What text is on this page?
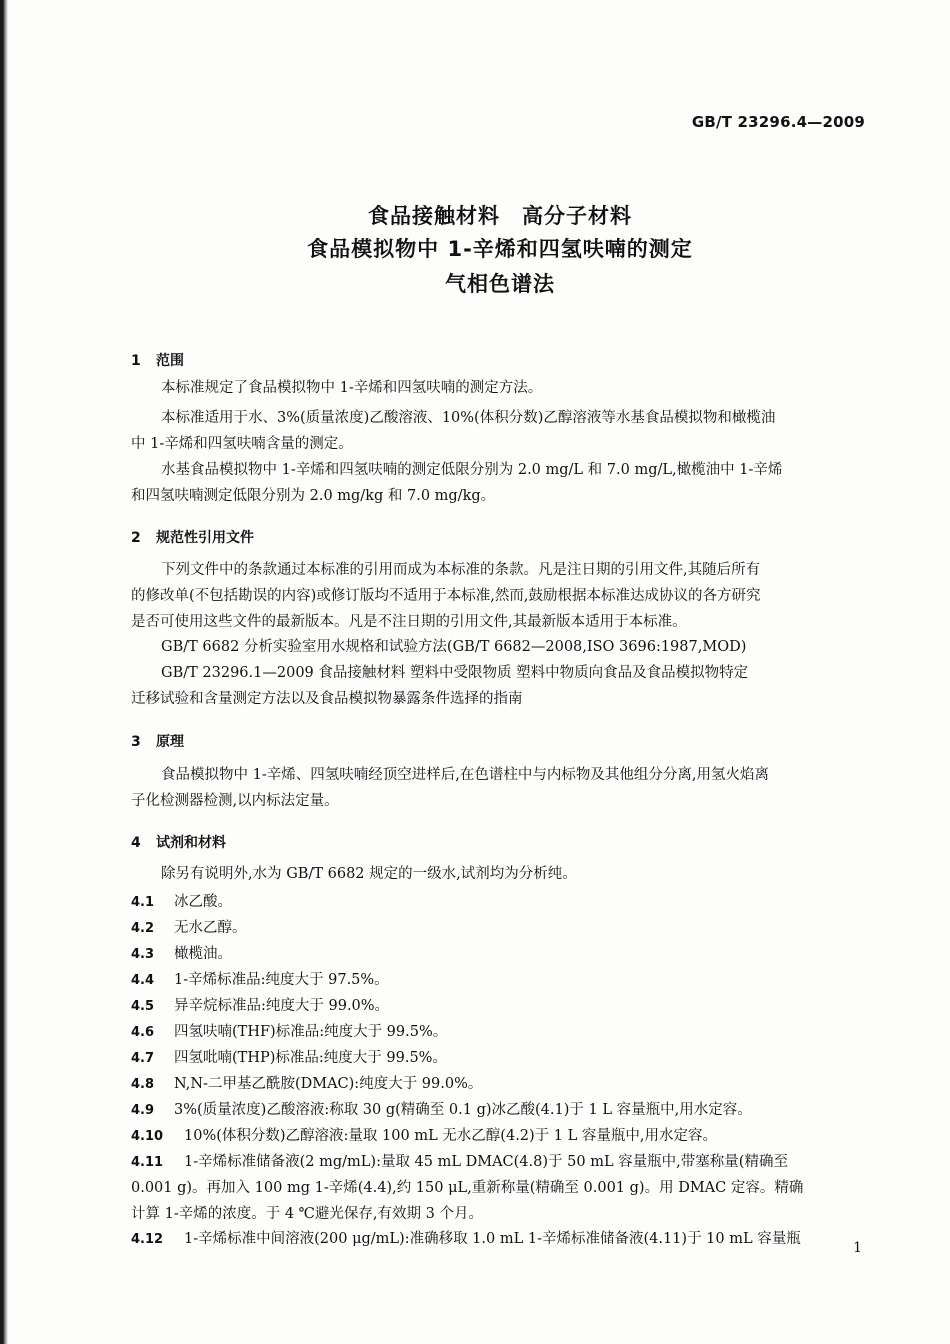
GB/T 23296.4—2009
食品接触材料 高分子材料
食品模拟物中 1-辛烯和四氢呋喃的测定
气相色谱法
1 范围
本标准规定了食品模拟物中 1-辛烯和四氢呋喃的测定方法。
本标准适用于水、3%(质量浓度)乙酸溶液、10%(体积分数)乙醇溶液等水基食品模拟物和橄榄油
中 1-辛烯和四氢呋喃含量的测定。
水基食品模拟物中 1-辛烯和四氢呋喃的测定低限分别为 2.0 mg/L 和 7.0 mg/L,橄榄油中 1-辛烯
和四氢呋喃测定低限分别为 2.0 mg/kg 和 7.0 mg/kg。
2 规范性引用文件
下列文件中的条款通过本标准的引用而成为本标准的条款。凡是注日期的引用文件,其随后所有
的修改单(不包括勘误的内容)或修订版均不适用于本标准,然而,鼓励根据本标准达成协议的各方研究
是否可使用这些文件的最新版本。凡是不注日期的引用文件,其最新版本适用于本标准。
GB/T 6682 分析实验室用水规格和试验方法(GB/T 6682—2008,ISO 3696:1987,MOD)
GB/T 23296.1—2009 食品接触材料 塑料中受限物质 塑料中物质向食品及食品模拟物特定
迁移试验和含量测定方法以及食品模拟物暴露条件选择的指南
3 原理
食品模拟物中 1-辛烯、四氢呋喃经顶空进样后,在色谱柱中与内标物及其他组分分离,用氢火焰离
子化检测器检测,以内标法定量。
4 试剂和材料
除另有说明外,水为 GB/T 6682 规定的一级水,试剂均为分析纯。
4.1 冰乙酸。
4.2 无水乙醇。
4.3 橄榄油。
4.4 1-辛烯标准品:纯度大于 97.5%。
4.5 异辛烷标准品:纯度大于 99.0%。
4.6 四氢呋喃(THF)标准品:纯度大于 99.5%。
4.7 四氢吡喃(THP)标准品:纯度大于 99.5%。
4.8 N,N-二甲基乙酰胺(DMAC):纯度大于 99.0%。
4.9 3%(质量浓度)乙酸溶液:称取 30 g(精确至 0.1 g)冰乙酸(4.1)于 1 L 容量瓶中,用水定容。
4.10 10%(体积分数)乙醇溶液:量取 100 mL 无水乙醇(4.2)于 1 L 容量瓶中,用水定容。
4.11 1-辛烯标准储备液(2 mg/mL):量取 45 mL DMAC(4.8)于 50 mL 容量瓶中,带塞称量(精确至
0.001 g)。再加入 100 mg 1-辛烯(4.4),约 150 μL,重新称量(精确至 0.001 g)。用 DMAC 定容。精确
计算 1-辛烯的浓度。于 4 ℃避光保存,有效期 3 个月。
4.12 1-辛烯标准中间溶液(200 μg/mL):准确移取 1.0 mL 1-辛烯标准储备液(4.11)于 10 mL 容量瓶
1
